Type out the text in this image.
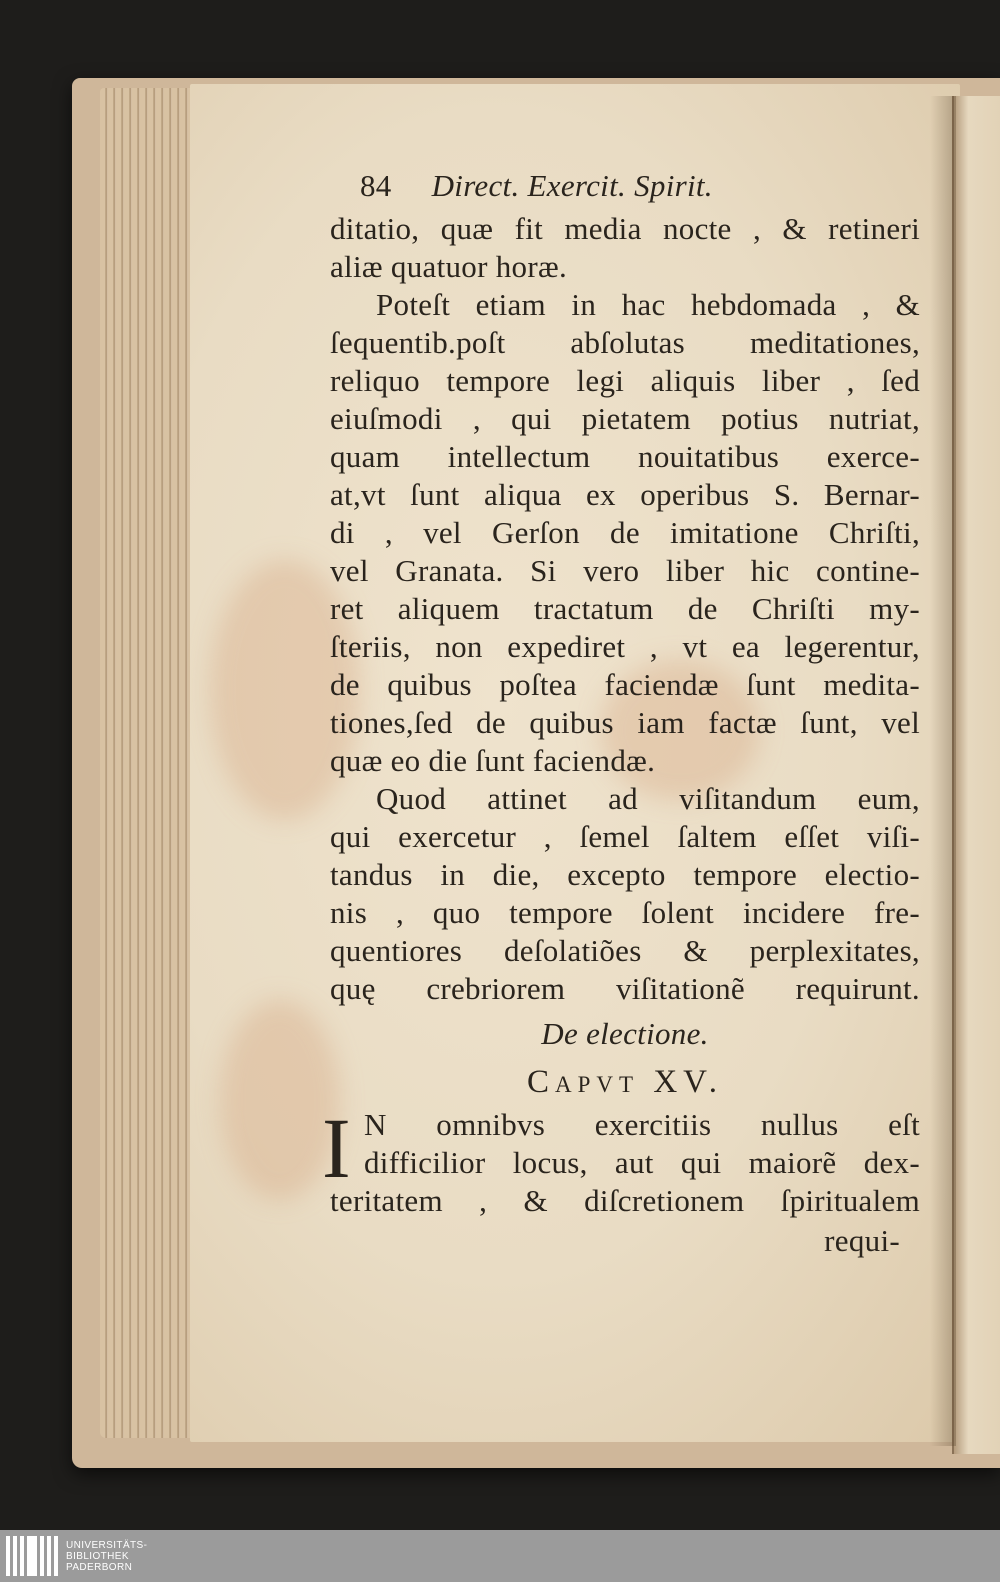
84 Direct. Exercit. Spirit.
ditatio, quæ fit media nocte , & retineri
aliæ quatuor horæ.
Poteſt etiam in hac hebdomada , &
ſequentib.poſt abſolutas meditationes,
reliquo tempore legi aliquis liber , ſed
eiuſmodi , qui pietatem potius nutriat,
quam intellectum nouitatibus exerce-
at,vt ſunt aliqua ex operibus S. Bernar-
di , vel Gerſon de imitatione Chriſti,
vel Granata. Si vero liber hic contine-
ret aliquem tractatum de Chriſti my-
ſteriis, non expediret , vt ea legerentur,
de quibus poſtea faciendæ ſunt medita-
tiones,ſed de quibus iam factæ ſunt, vel
quæ eo die ſunt faciendæ.
Quod attinet ad viſitandum eum,
qui exercetur , ſemel ſaltem eſſet viſi-
tandus in die, excepto tempore electio-
nis , quo tempore ſolent incidere fre-
quentiores deſolatiões & perplexitates,
quę crebriorem viſitationẽ requirunt.
De electione.
Capvt XV.
I N omnibvs exercitiis nullus eſt
difficilior locus, aut qui maiorẽ dex-
teritatem , & diſcretionem ſpiritualem
requi-
UNIVERSITÄTS-
BIBLIOTHEK
PADERBORN
